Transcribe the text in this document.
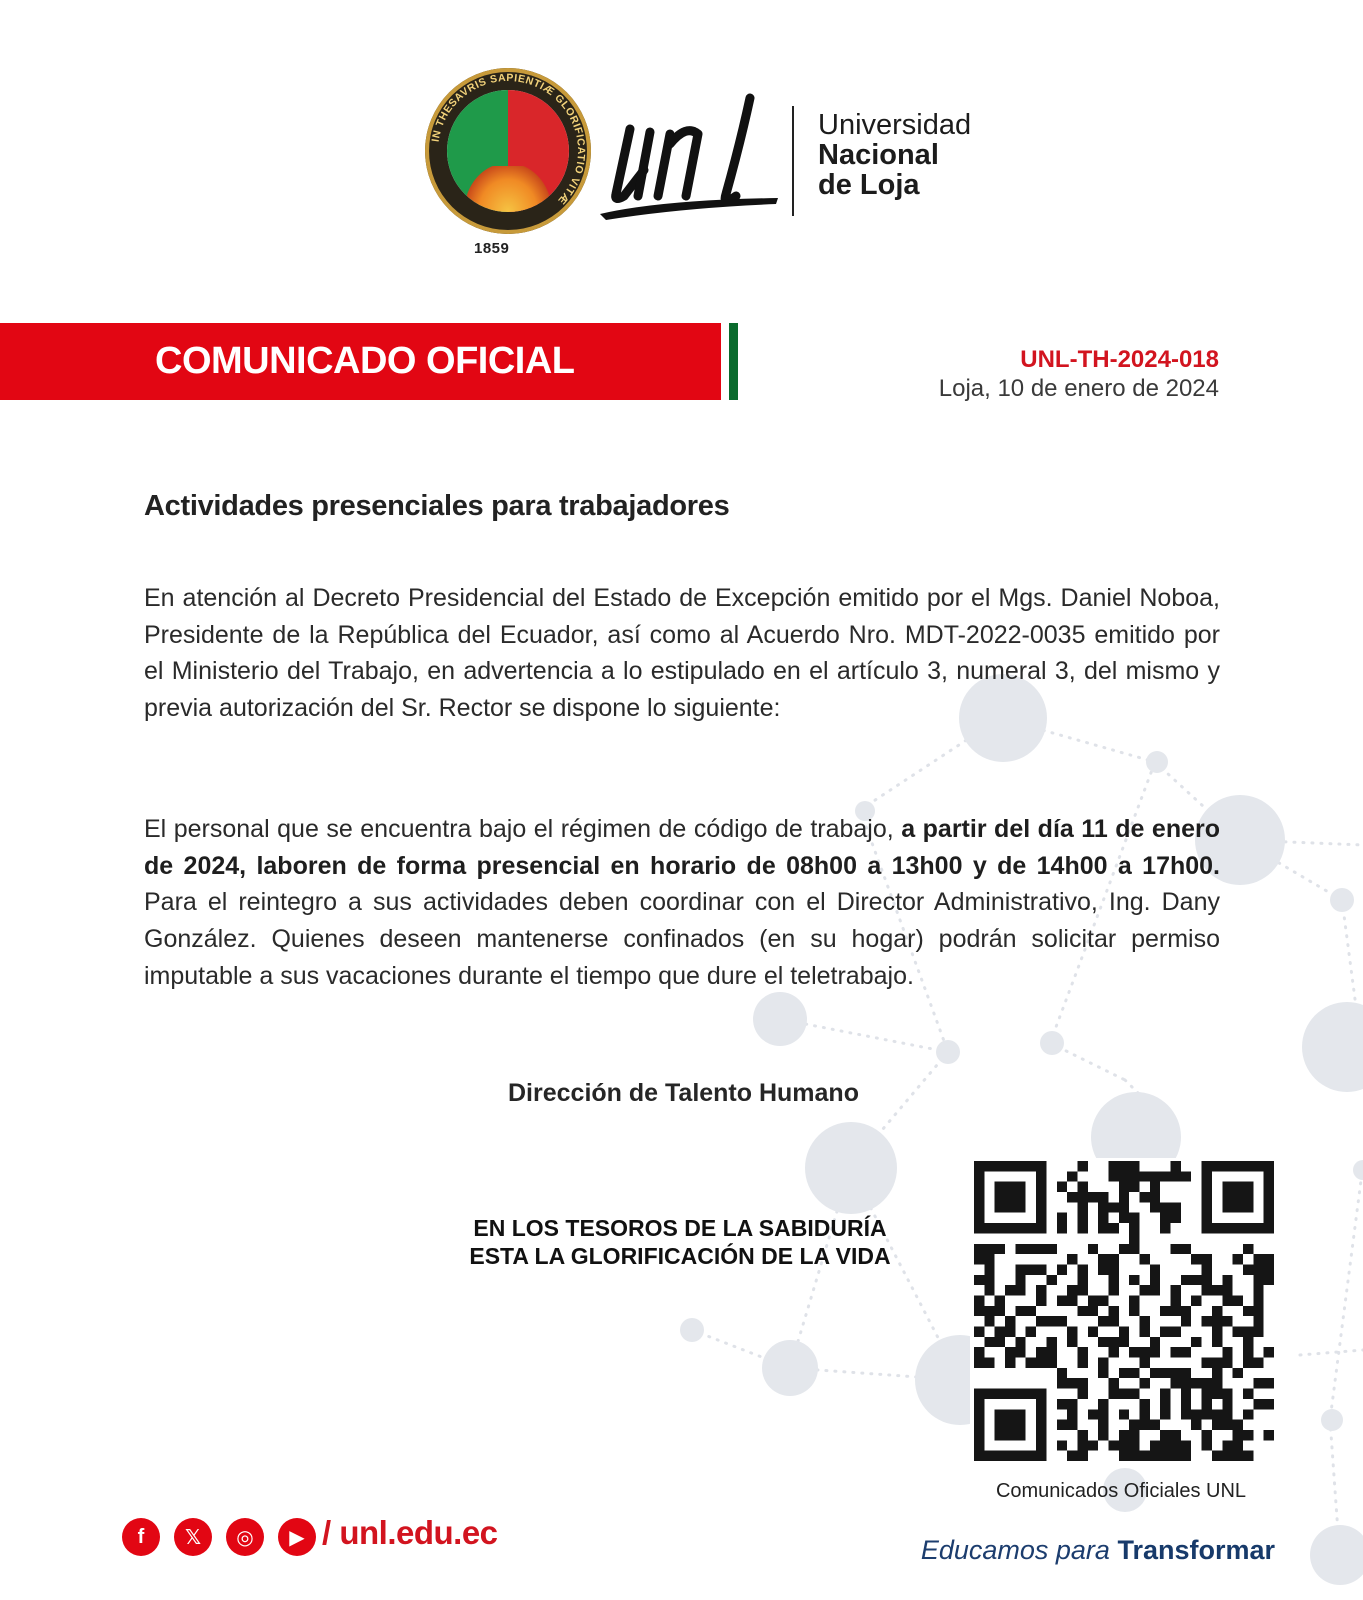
IN THESAVRIS SAPIENTIÆ GLORIFICATIO VITÆ
1859
Universidad
Nacional
de Loja
COMUNICADO OFICIAL	UNL-TH-2024-018
Loja, 10 de enero de 2024
Actividades presenciales para trabajadores
En atención al Decreto Presidencial del Estado de Excepción emitido por el Mgs. Daniel Noboa, Presidente de la República del Ecuador, así como al Acuerdo Nro. MDT-2022-0035 emitido por el Ministerio del Trabajo, en advertencia a lo estipulado en el artículo 3, numeral 3, del mismo y previa autorización del Sr. Rector se dispone lo siguiente:
El personal que se encuentra bajo el régimen de código de trabajo, a partir del día 11 de enero de 2024, laboren de forma presencial en horario de 08h00 a 13h00 y de 14h00 a 17h00. Para el reintegro a sus actividades deben coordinar con el Director Administrativo, Ing. Dany González. Quienes deseen mantenerse confinados (en su hogar) podrán solicitar permiso imputable a sus vacaciones durante el tiempo que dure el teletrabajo.
Dirección de Talento Humano
EN LOS TESOROS DE LA SABIDURÍA
ESTA LA GLORIFICACIÓN DE LA VIDA
Comunicados Oficiales UNL
f	𝕏	◎	▶ / unl.edu.ec	Educamos para Transformar
